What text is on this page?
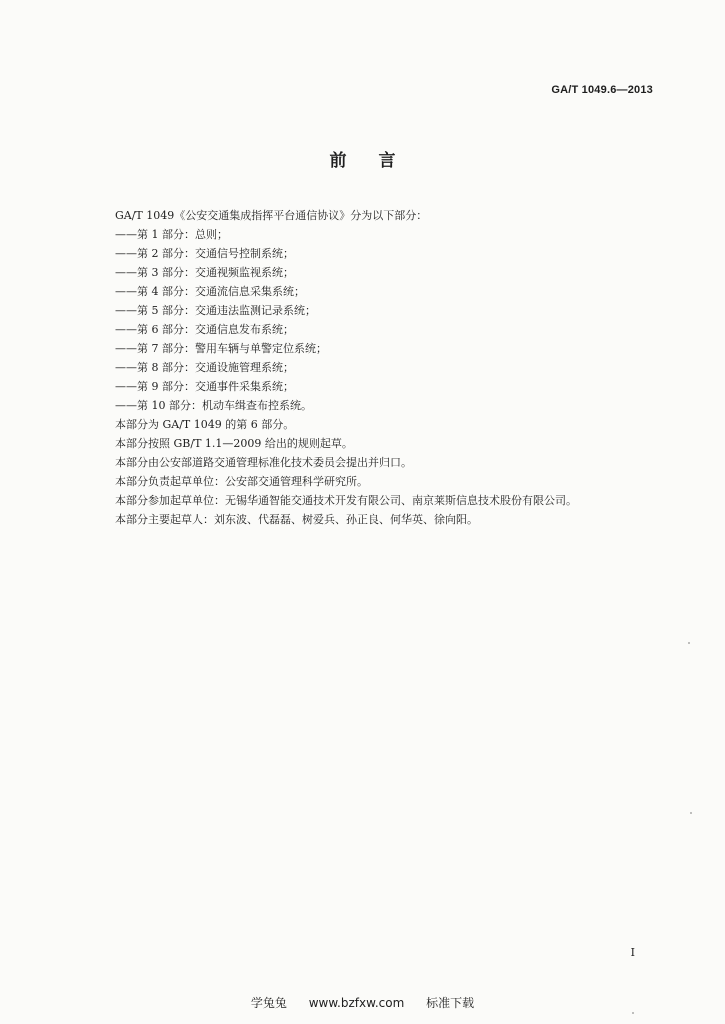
GA/T 1049.6—2013
前 言
GA/T 1049《公安交通集成指挥平台通信协议》分为以下部分：
——第 1 部分：总则；
——第 2 部分：交通信号控制系统；
——第 3 部分：交通视频监视系统；
——第 4 部分：交通流信息采集系统；
——第 5 部分：交通违法监测记录系统；
——第 6 部分：交通信息发布系统；
——第 7 部分：警用车辆与单警定位系统；
——第 8 部分：交通设施管理系统；
——第 9 部分：交通事件采集系统；
——第 10 部分：机动车缉查布控系统。
本部分为 GA/T 1049 的第 6 部分。
本部分按照 GB/T 1.1—2009 给出的规则起草。
本部分由公安部道路交通管理标准化技术委员会提出并归口。
本部分负责起草单位：公安部交通管理科学研究所。
本部分参加起草单位：无锡华通智能交通技术开发有限公司、南京莱斯信息技术股份有限公司。
本部分主要起草人：刘东波、代磊磊、树爱兵、孙正良、何华英、徐向阳。
I
学兔兔 www.bzfxw.com 标准下载
